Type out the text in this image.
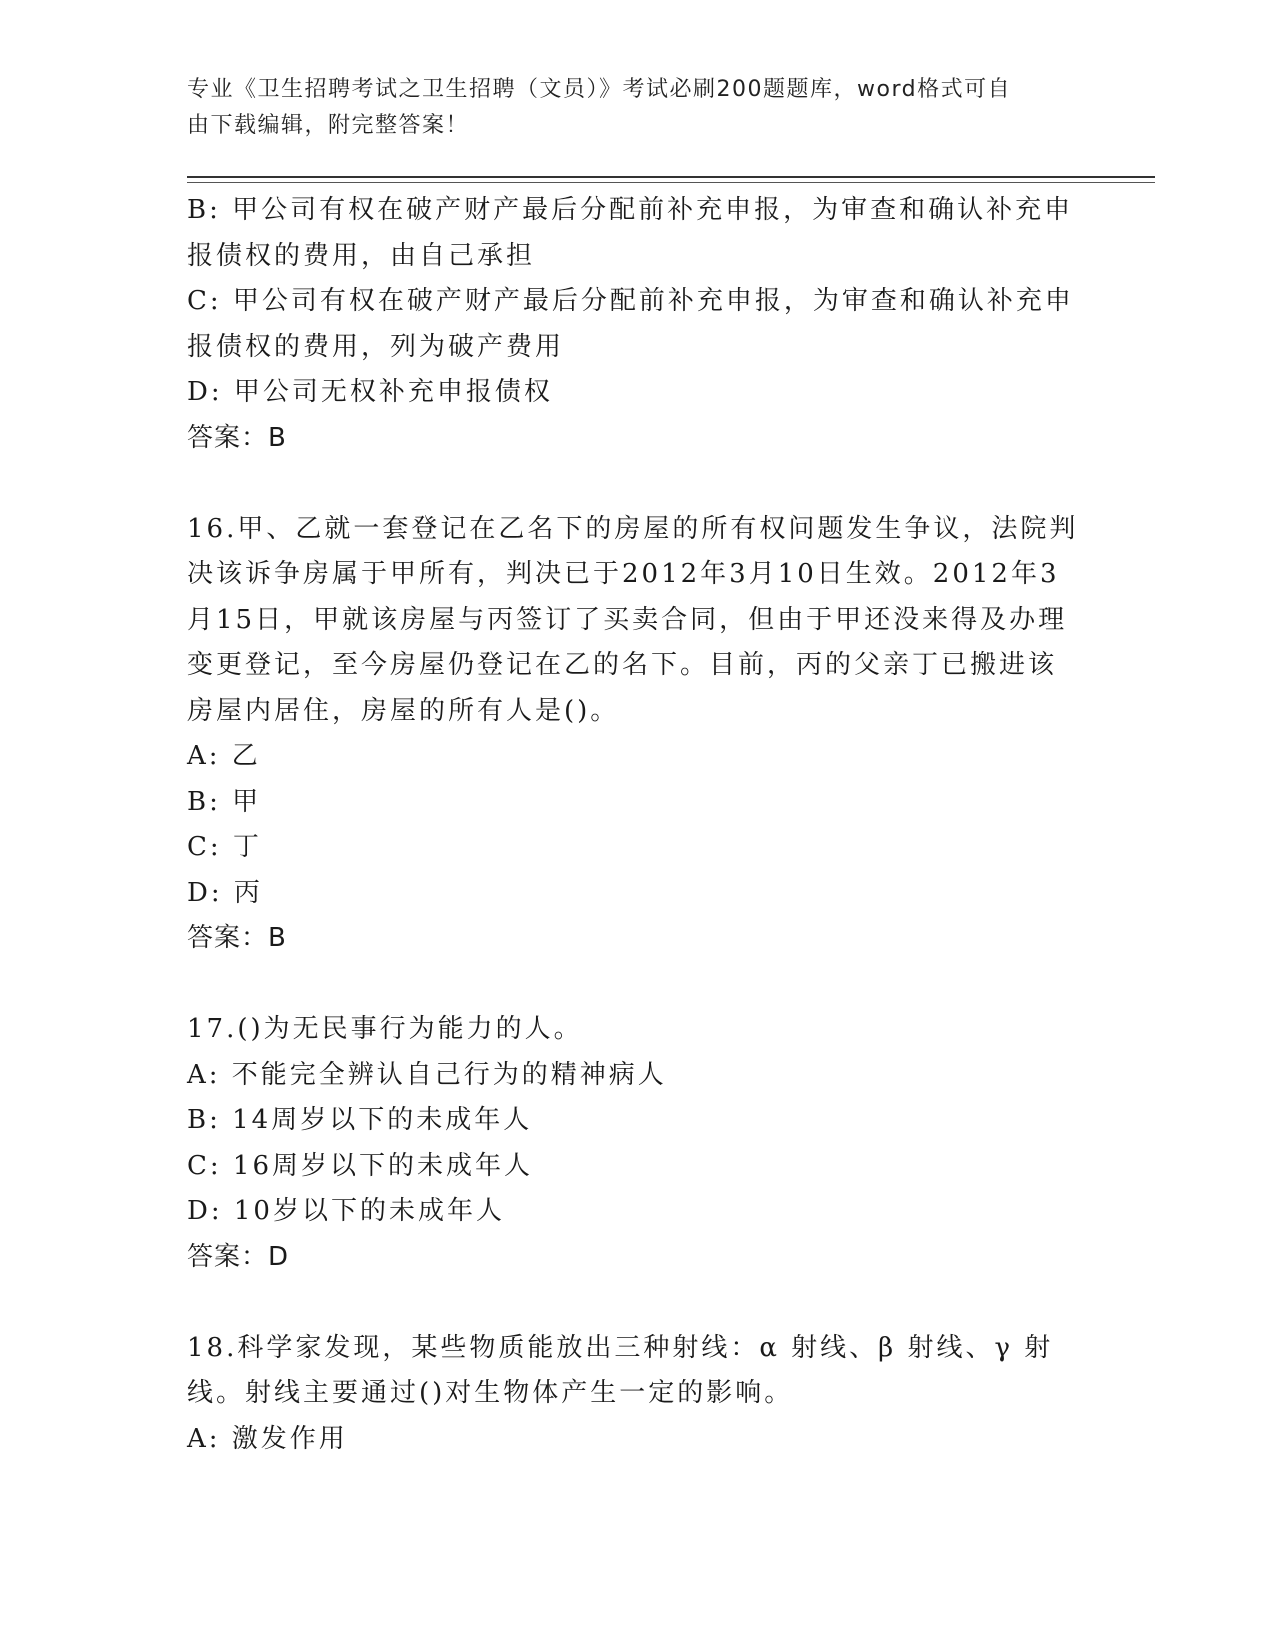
专业《卫生招聘考试之卫生招聘（文员）》考试必刷200题题库，word格式可自
由下载编辑，附完整答案！
B: 甲公司有权在破产财产最后分配前补充申报，为审查和确认补充申
报债权的费用，由自己承担
C: 甲公司有权在破产财产最后分配前补充申报，为审查和确认补充申
报债权的费用，列为破产费用
D: 甲公司无权补充申报债权
答案：B
16.甲、乙就一套登记在乙名下的房屋的所有权问题发生争议，法院判
决该诉争房属于甲所有，判决已于2012年3月10日生效。2012年3
月15日，甲就该房屋与丙签订了买卖合同，但由于甲还没来得及办理
变更登记，至今房屋仍登记在乙的名下。目前，丙的父亲丁已搬进该
房屋内居住，房屋的所有人是()。
A: 乙
B: 甲
C: 丁
D: 丙
答案：B
17.()为无民事行为能力的人。
A: 不能完全辨认自己行为的精神病人
B: 14周岁以下的未成年人
C: 16周岁以下的未成年人
D: 10岁以下的未成年人
答案：D
18.科学家发现，某些物质能放出三种射线：α 射线、β 射线、γ 射
线。射线主要通过()对生物体产生一定的影响。
A: 激发作用
